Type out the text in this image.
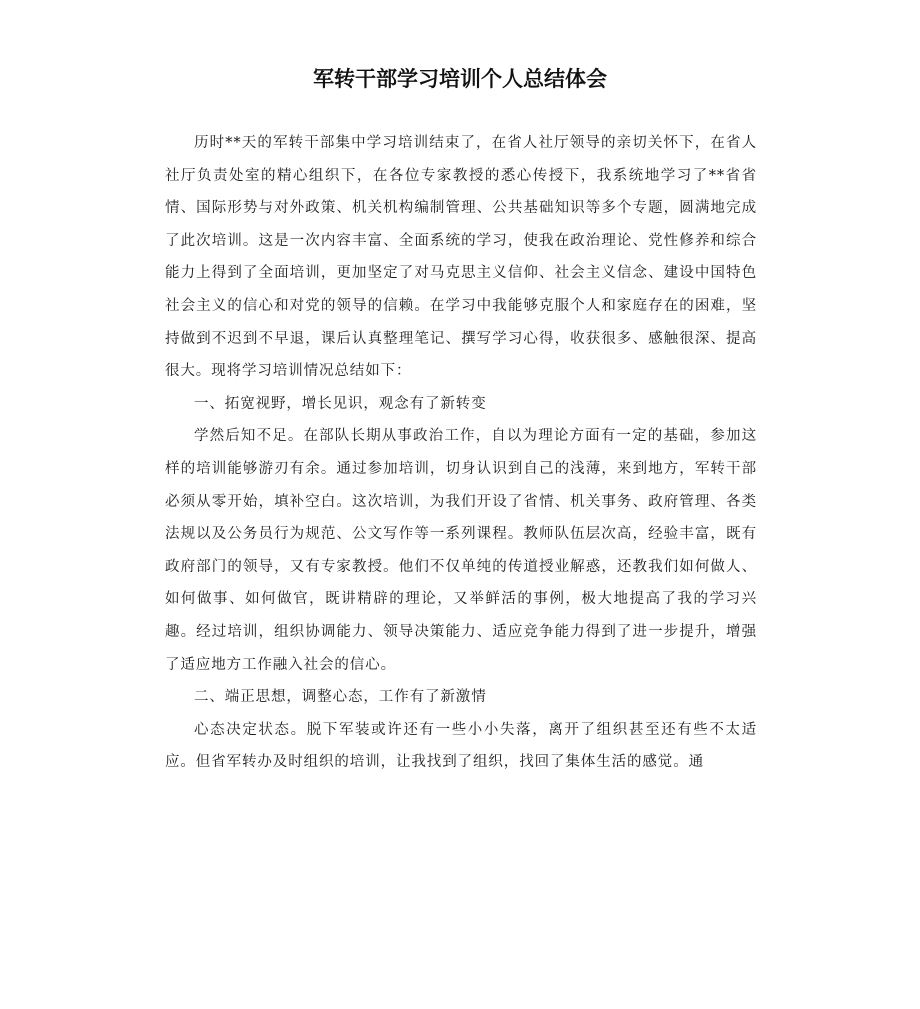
军转干部学习培训个人总结体会

历时**天的军转干部集中学习培训结束了，在省人社厅领导的亲切关怀下，在省人社厅负责处室的精心组织下，在各位专家教授的悉心传授下，我系统地学习了**省省情、国际形势与对外政策、机关机构编制管理、公共基础知识等多个专题，圆满地完成了此次培训。这是一次内容丰富、全面系统的学习，使我在政治理论、党性修养和综合能力上得到了全面培训，更加坚定了对马克思主义信仰、社会主义信念、建设中国特色社会主义的信心和对党的领导的信赖。在学习中我能够克服个人和家庭存在的困难，坚持做到不迟到不早退，课后认真整理笔记、撰写学习心得，收获很多、感触很深、提高很大。现将学习培训情况总结如下：

一、拓宽视野，增长见识，观念有了新转变

学然后知不足。在部队长期从事政治工作，自以为理论方面有一定的基础，参加这样的培训能够游刃有余。通过参加培训，切身认识到自己的浅薄，来到地方，军转干部必须从零开始，填补空白。这次培训，为我们开设了省情、机关事务、政府管理、各类法规以及公务员行为规范、公文写作等一系列课程。教师队伍层次高，经验丰富，既有政府部门的领导，又有专家教授。他们不仅单纯的传道授业解惑，还教我们如何做人、如何做事、如何做官，既讲精辟的理论，又举鲜活的事例，极大地提高了我的学习兴趣。经过培训，组织协调能力、领导决策能力、适应竞争能力得到了进一步提升，增强了适应地方工作融入社会的信心。

二、端正思想，调整心态，工作有了新激情

心态决定状态。脱下军装或许还有一些小小失落，离开了组织甚至还有些不太适应。但省军转办及时组织的培训，让我找到了组织，找回了集体生活的感觉。通
